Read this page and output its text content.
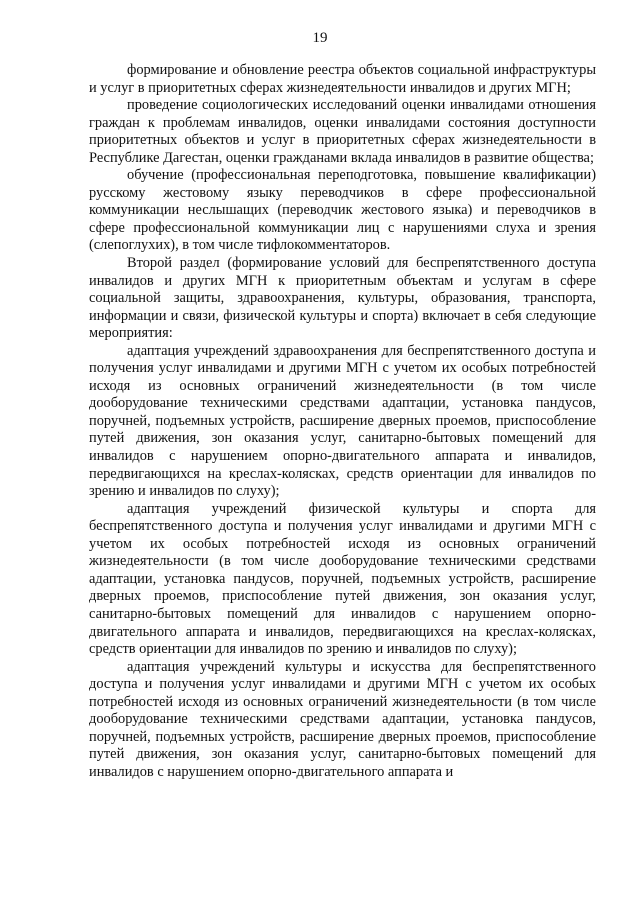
19

формирование и обновление реестра объектов социальной инфраструктуры и услуг в приоритетных сферах жизнедеятельности инвалидов и других МГН;

проведение социологических исследований оценки инвалидами отношения граждан к проблемам инвалидов, оценки инвалидами состояния доступности приоритетных объектов и услуг в приоритетных сферах жизнедеятельности в Республике Дагестан, оценки гражданами вклада инвалидов в развитие общества;

обучение (профессиональная переподготовка, повышение квалификации) русскому жестовому языку переводчиков в сфере профессиональной коммуникации неслышащих (переводчик жестового языка) и переводчиков в сфере профессиональной коммуникации лиц с нарушениями слуха и зрения (слепоглухих), в том числе тифлокомментаторов.

Второй раздел (формирование условий для беспрепятственного доступа инвалидов и других МГН к приоритетным объектам и услугам в сфере социальной защиты, здравоохранения, культуры, образования, транспорта, информации и связи, физической культуры и спорта) включает в себя следующие мероприятия:

адаптация учреждений здравоохранения для беспрепятственного доступа и получения услуг инвалидами и другими МГН с учетом их особых потребностей исходя из основных ограничений жизнедеятельности (в том числе дооборудование техническими средствами адаптации, установка пандусов, поручней, подъемных устройств, расширение дверных проемов, приспособление путей движения, зон оказания услуг, санитарно-бытовых помещений для инвалидов с нарушением опорно-двигательного аппарата и инвалидов, передвигающихся на креслах-колясках, средств ориентации для инвалидов по зрению и инвалидов по слуху);

адаптация учреждений физической культуры и спорта для беспрепятственного доступа и получения услуг инвалидами и другими МГН с учетом их особых потребностей исходя из основных ограничений жизнедеятельности (в том числе дооборудование техническими средствами адаптации, установка пандусов, поручней, подъемных устройств, расширение дверных проемов, приспособление путей движения, зон оказания услуг, санитарно-бытовых помещений для инвалидов с нарушением опорно-двигательного аппарата и инвалидов, передвигающихся на креслах-колясках, средств ориентации для инвалидов по зрению и инвалидов по слуху);

адаптация учреждений культуры и искусства для беспрепятственного доступа и получения услуг инвалидами и другими МГН с учетом их особых потребностей исходя из основных ограничений жизнедеятельности (в том числе дооборудование техническими средствами адаптации, установка пандусов, поручней, подъемных устройств, расширение дверных проемов, приспособление путей движения, зон оказания услуг, санитарно-бытовых помещений для инвалидов с нарушением опорно-двигательного аппарата и
